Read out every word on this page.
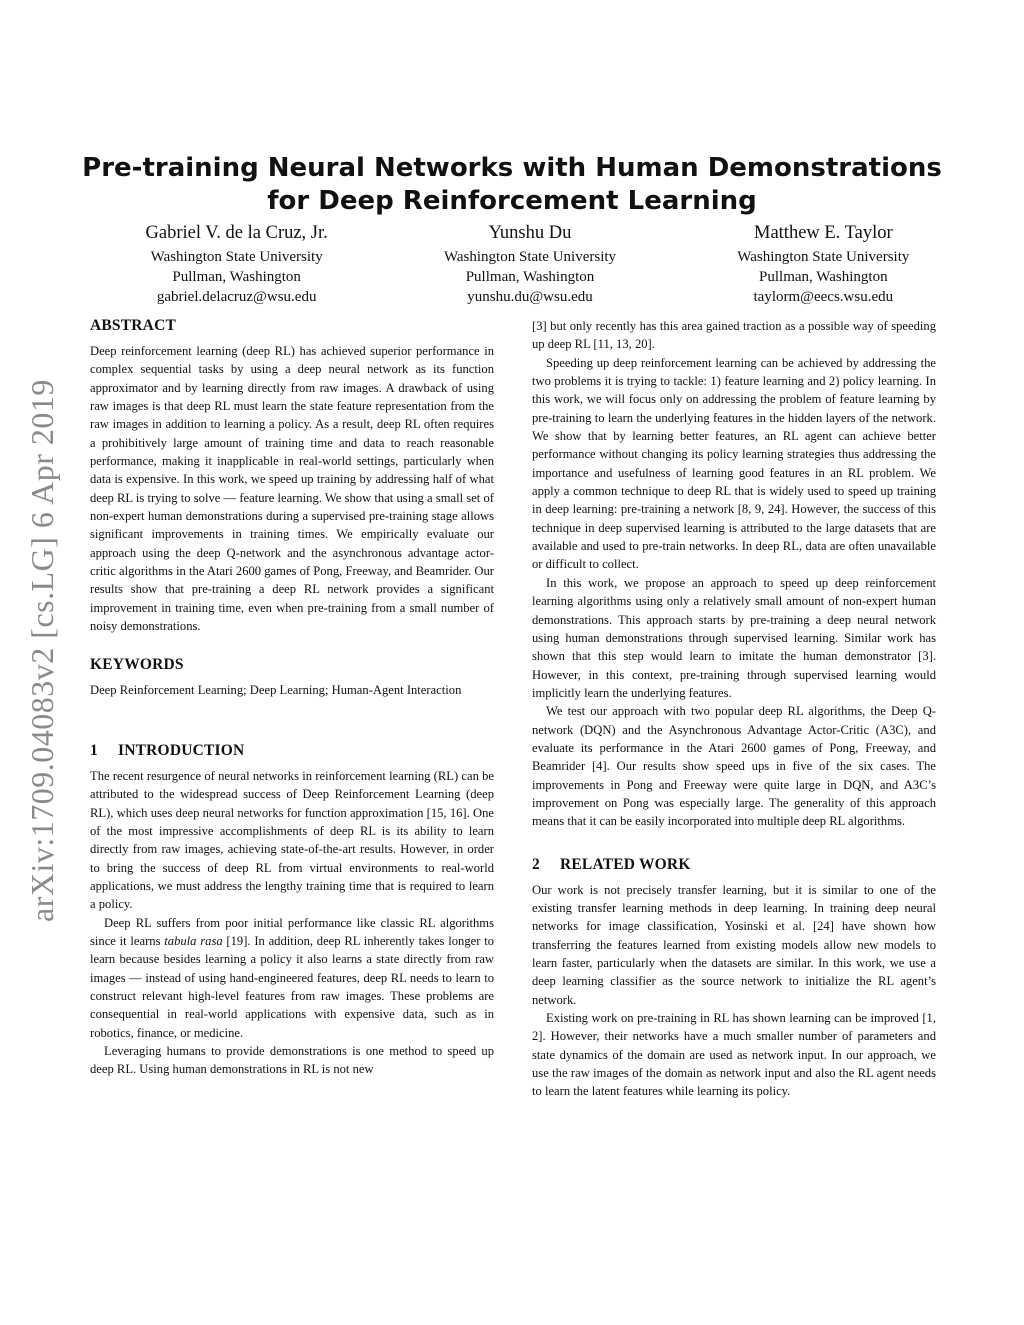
arXiv:1709.04083v2 [cs.LG] 6 Apr 2019
Pre-training Neural Networks with Human Demonstrations for Deep Reinforcement Learning
Gabriel V. de la Cruz, Jr.
Washington State University
Pullman, Washington
gabriel.delacruz@wsu.edu
Yunshu Du
Washington State University
Pullman, Washington
yunshu.du@wsu.edu
Matthew E. Taylor
Washington State University
Pullman, Washington
taylorm@eecs.wsu.edu
ABSTRACT

Deep reinforcement learning (deep RL) has achieved superior performance in complex sequential tasks by using a deep neural network as its function approximator and by learning directly from raw images. A drawback of using raw images is that deep RL must learn the state feature representation from the raw images in addition to learning a policy. As a result, deep RL often requires a prohibitively large amount of training time and data to reach reasonable performance, making it inapplicable in real-world settings, particularly when data is expensive. In this work, we speed up training by addressing half of what deep RL is trying to solve — feature learning. We show that using a small set of non-expert human demonstrations during a supervised pre-training stage allows significant improvements in training times. We empirically evaluate our approach using the deep Q-network and the asynchronous advantage actor-critic algorithms in the Atari 2600 games of Pong, Freeway, and Beamrider. Our results show that pre-training a deep RL network provides a significant improvement in training time, even when pre-training from a small number of noisy demonstrations.

KEYWORDS

Deep Reinforcement Learning; Deep Learning; Human-Agent Interaction

1 INTRODUCTION

The recent resurgence of neural networks in reinforcement learning (RL) can be attributed to the widespread success of Deep Reinforcement Learning (deep RL), which uses deep neural networks for function approximation [15, 16]. One of the most impressive accomplishments of deep RL is its ability to learn directly from raw images, achieving state-of-the-art results. However, in order to bring the success of deep RL from virtual environments to real-world applications, we must address the lengthy training time that is required to learn a policy.

Deep RL suffers from poor initial performance like classic RL algorithms since it learns tabula rasa [19]. In addition, deep RL inherently takes longer to learn because besides learning a policy it also learns a state directly from raw images — instead of using hand-engineered features, deep RL needs to learn to construct relevant high-level features from raw images. These problems are consequential in real-world applications with expensive data, such as in robotics, finance, or medicine.

Leveraging humans to provide demonstrations is one method to speed up deep RL. Using human demonstrations in RL is not new

[3] but only recently has this area gained traction as a possible way of speeding up deep RL [11, 13, 20].

Speeding up deep reinforcement learning can be achieved by addressing the two problems it is trying to tackle: 1) feature learning and 2) policy learning. In this work, we will focus only on addressing the problem of feature learning by pre-training to learn the underlying features in the hidden layers of the network. We show that by learning better features, an RL agent can achieve better performance without changing its policy learning strategies thus addressing the importance and usefulness of learning good features in an RL problem. We apply a common technique to deep RL that is widely used to speed up training in deep learning: pre-training a network [8, 9, 24]. However, the success of this technique in deep supervised learning is attributed to the large datasets that are available and used to pre-train networks. In deep RL, data are often unavailable or difficult to collect.

In this work, we propose an approach to speed up deep reinforcement learning algorithms using only a relatively small amount of non-expert human demonstrations. This approach starts by pre-training a deep neural network using human demonstrations through supervised learning. Similar work has shown that this step would learn to imitate the human demonstrator [3]. However, in this context, pre-training through supervised learning would implicitly learn the underlying features.

We test our approach with two popular deep RL algorithms, the Deep Q-network (DQN) and the Asynchronous Advantage Actor-Critic (A3C), and evaluate its performance in the Atari 2600 games of Pong, Freeway, and Beamrider [4]. Our results show speed ups in five of the six cases. The improvements in Pong and Freeway were quite large in DQN, and A3C’s improvement on Pong was especially large. The generality of this approach means that it can be easily incorporated into multiple deep RL algorithms.

2 RELATED WORK

Our work is not precisely transfer learning, but it is similar to one of the existing transfer learning methods in deep learning. In training deep neural networks for image classification, Yosinski et al. [24] have shown how transferring the features learned from existing models allow new models to learn faster, particularly when the datasets are similar. In this work, we use a deep learning classifier as the source network to initialize the RL agent’s network.

Existing work on pre-training in RL has shown learning can be improved [1, 2]. However, their networks have a much smaller number of parameters and state dynamics of the domain are used as network input. In our approach, we use the raw images of the domain as network input and also the RL agent needs to learn the latent features while learning its policy.
